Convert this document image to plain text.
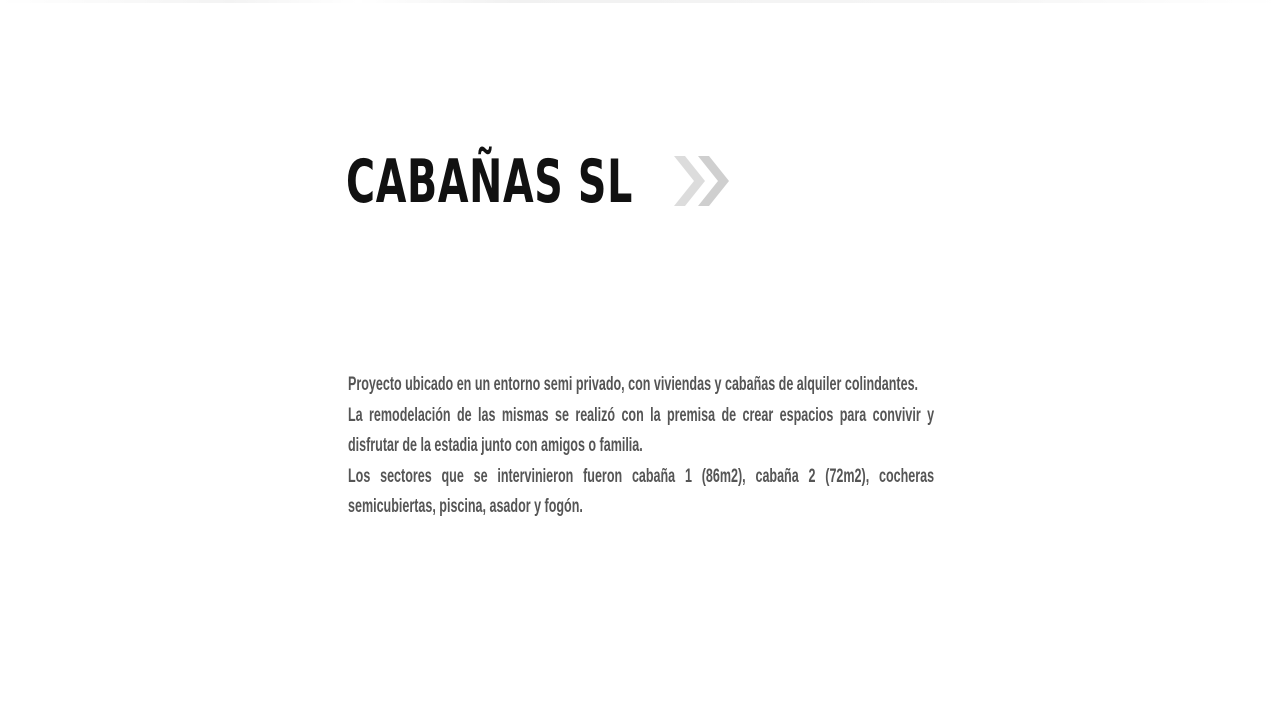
CABAÑAS SL

Proyecto ubicado en un entorno semi privado, con viviendas y cabañas de alquiler colindantes.

La remodelación de las mismas se realizó con la premisa de crear espacios para convivir y disfrutar de la estadia junto con amigos o familia.

Los sectores que se intervinieron fueron cabaña 1 (86m2), cabaña 2 (72m2), cocheras semicubiertas, piscina, asador y fogón.
